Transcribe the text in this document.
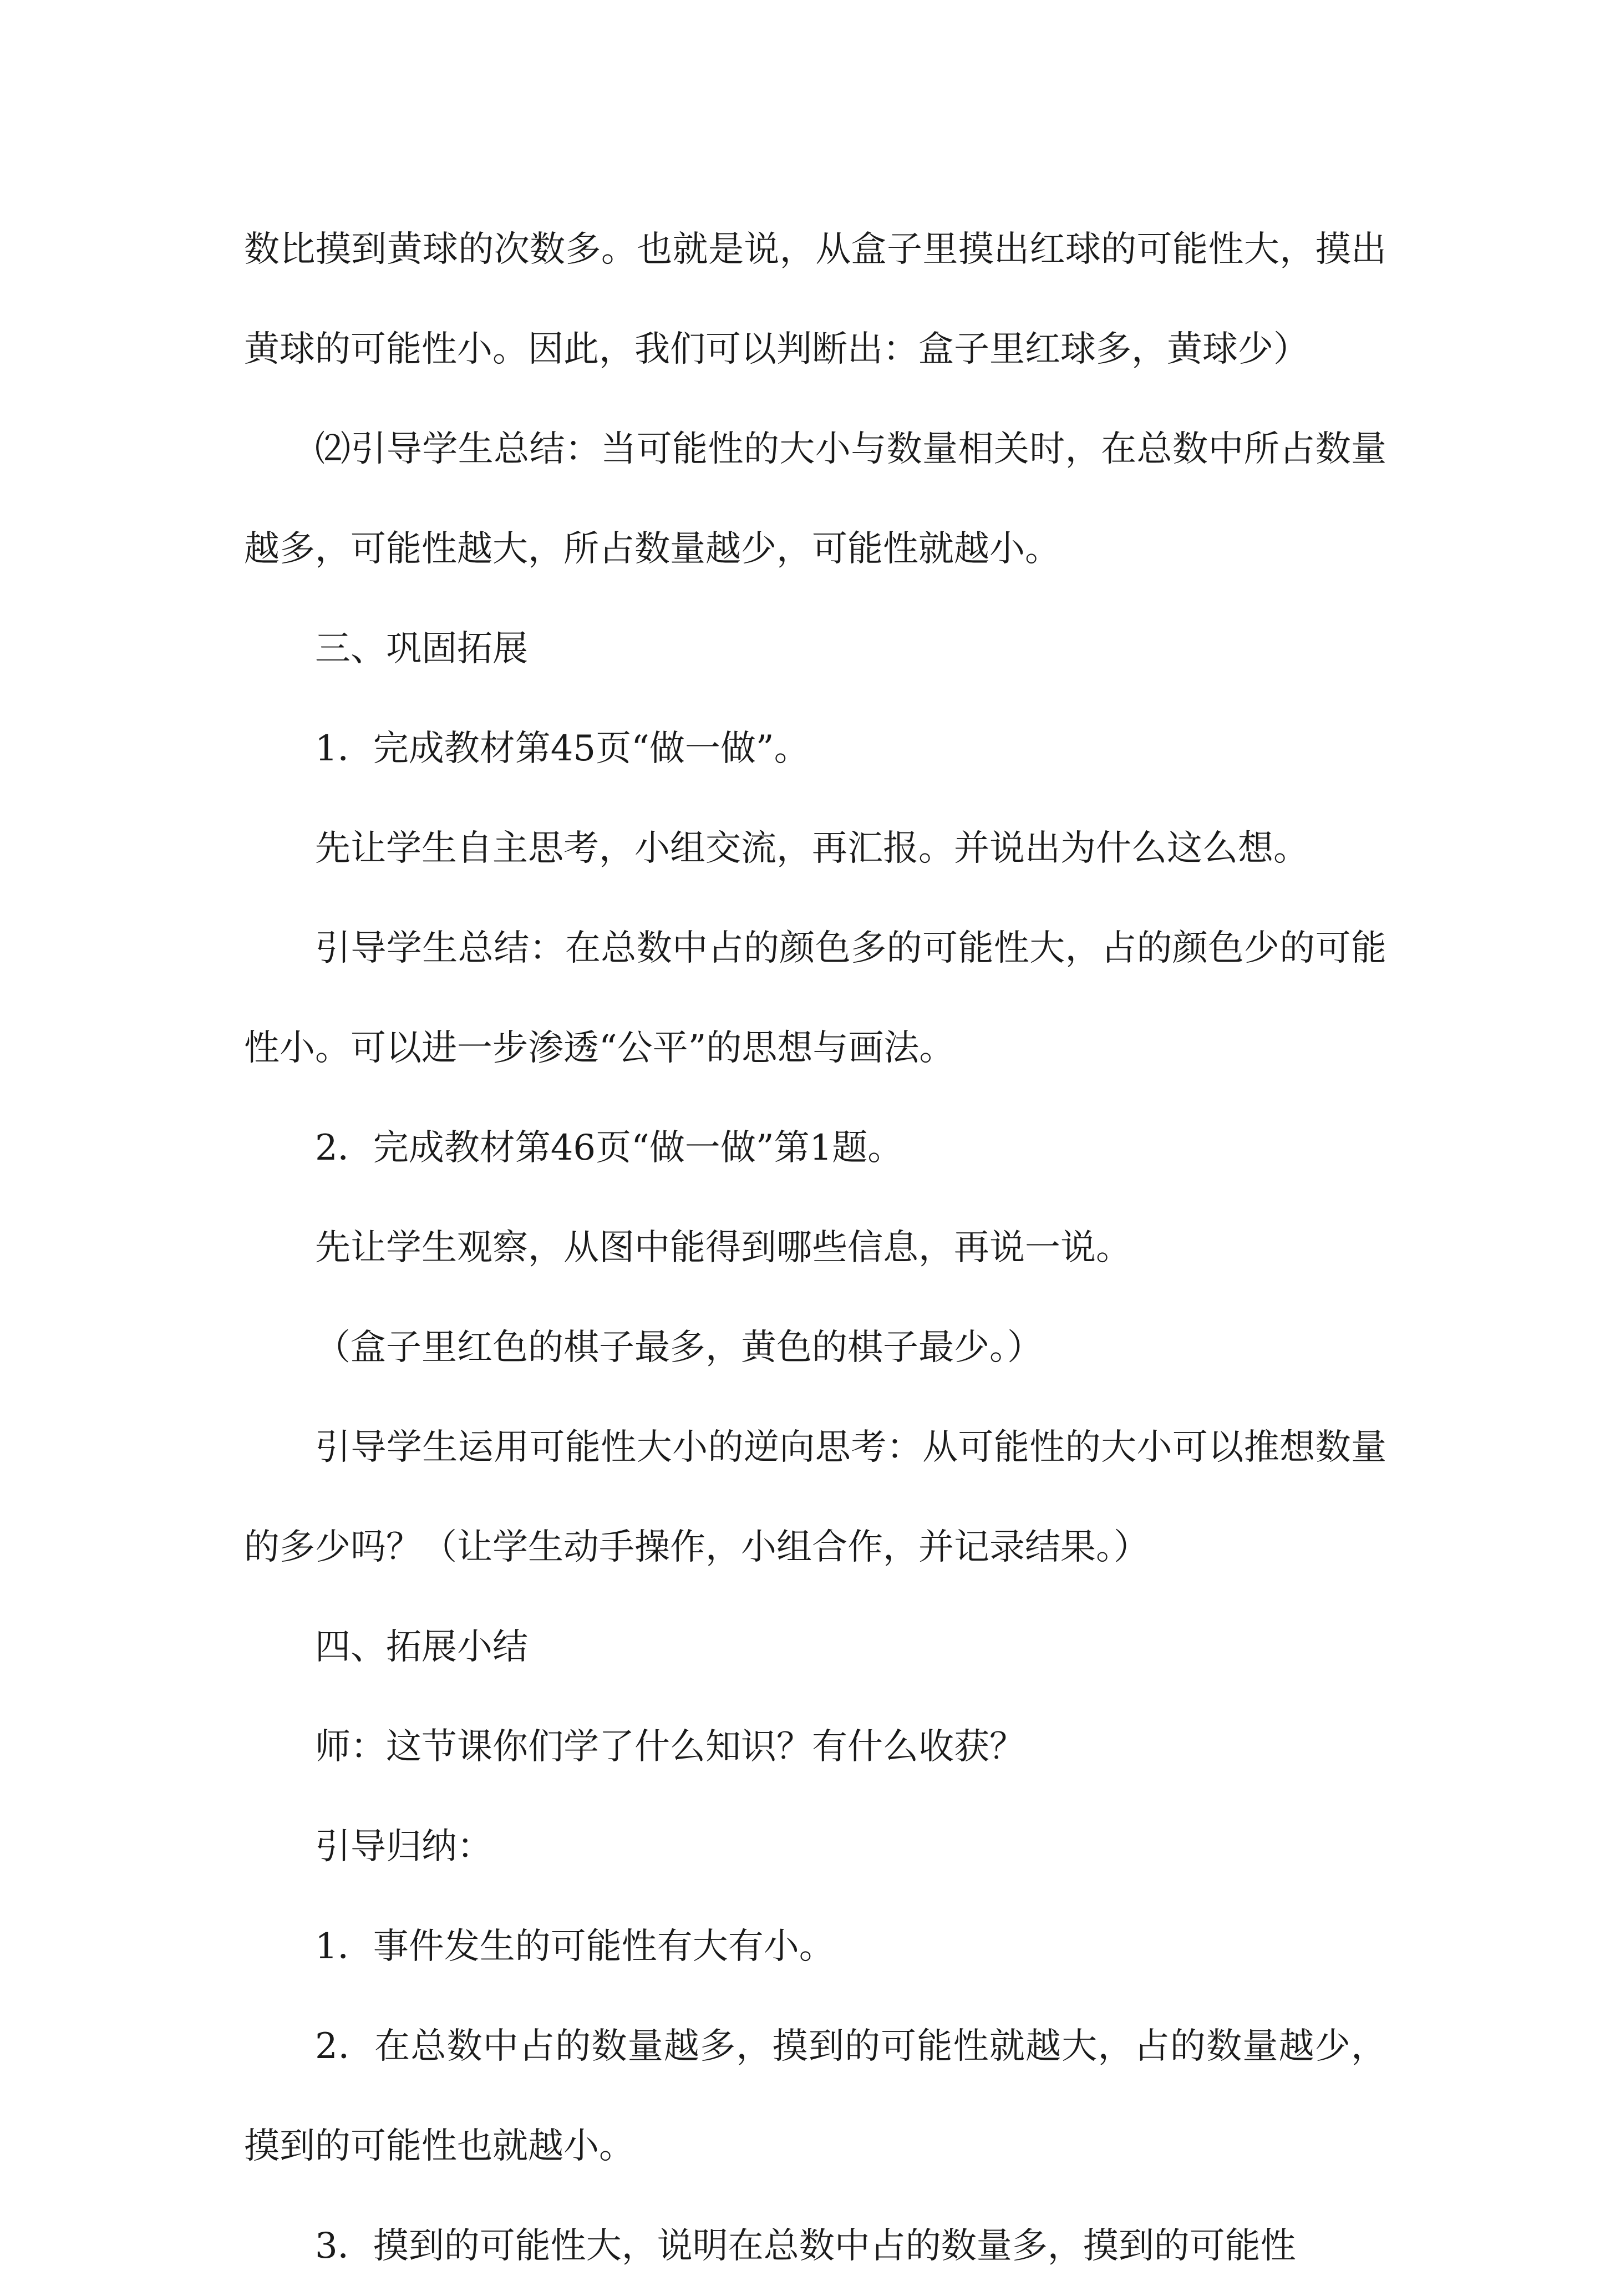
数比摸到黄球的次数多。也就是说，从盒子里摸出红球的可能性大，摸出黄球的可能性小。因此，我们可以判断出：盒子里红球多，黄球少）

⑵引导学生总结：当可能性的大小与数量相关时，在总数中所占数量越多，可能性越大，所占数量越少，可能性就越小。

三、巩固拓展

1．完成教材第45页“做一做”。

先让学生自主思考，小组交流，再汇报。并说出为什么这么想。

引导学生总结：在总数中占的颜色多的可能性大，占的颜色少的可能性小。可以进一步渗透“公平”的思想与画法。

2．完成教材第46页“做一做”第1题。

先让学生观察，从图中能得到哪些信息，再说一说。

（盒子里红色的棋子最多，黄色的棋子最少。）

引导学生运用可能性大小的逆向思考：从可能性的大小可以推想数量的多少吗？（让学生动手操作，小组合作，并记录结果。）

四、拓展小结

师：这节课你们学了什么知识？有什么收获？

引导归纳：

1．事件发生的可能性有大有小。

2．在总数中占的数量越多，摸到的可能性就越大，占的数量越少，摸到的可能性也就越小。

3．摸到的可能性大，说明在总数中占的数量多，摸到的可能性
